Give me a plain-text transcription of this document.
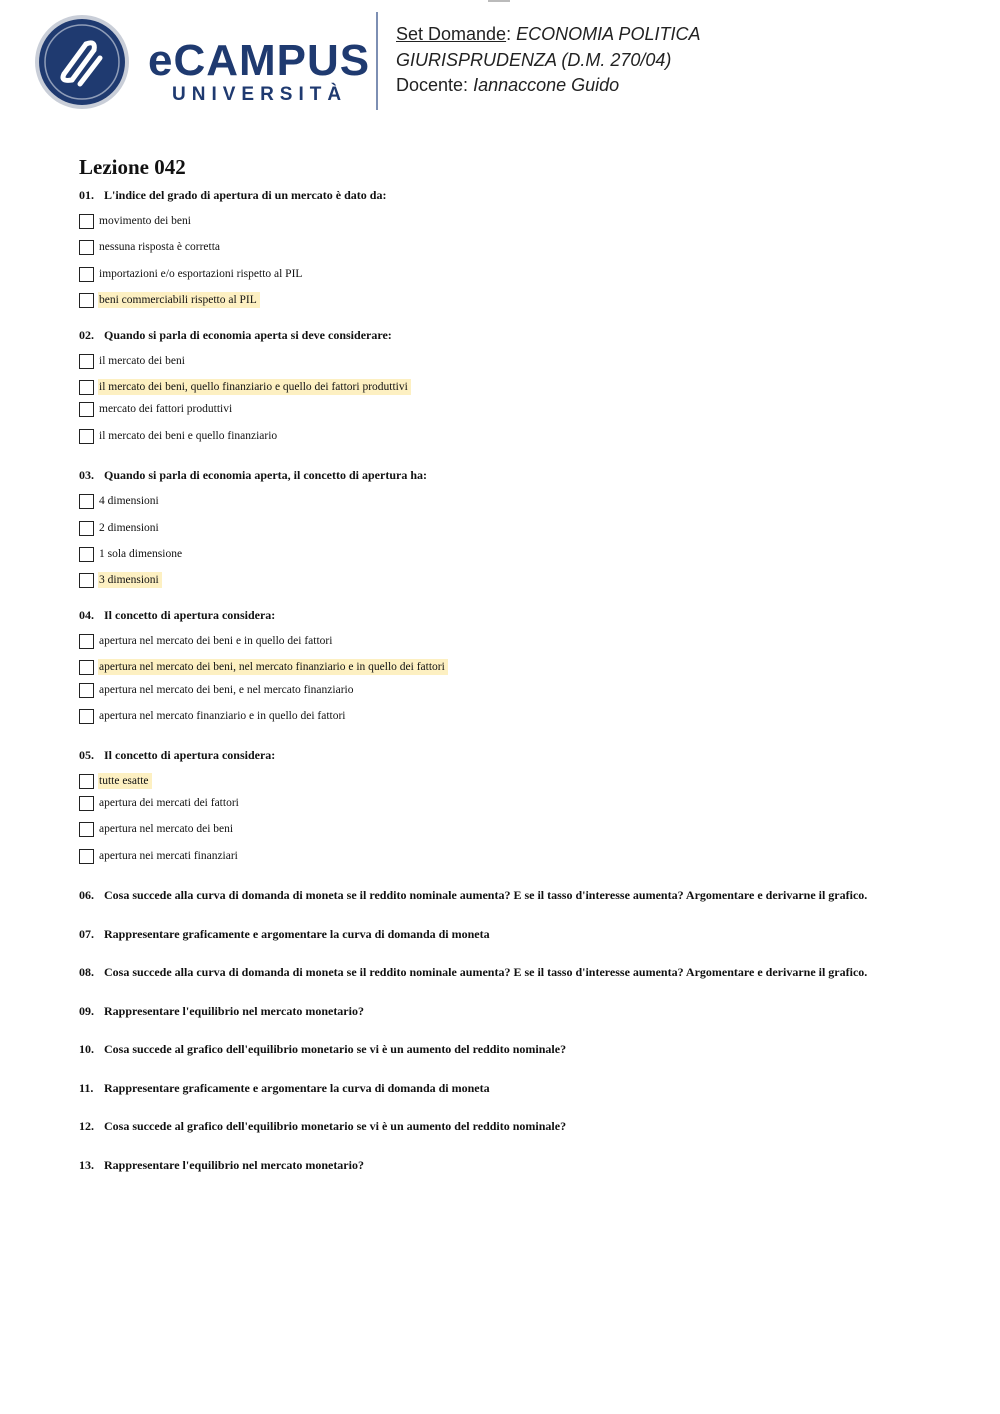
eCAMPUS
UNIVERSITÀ
Set Domande: ECONOMIA POLITICA
GIURISPRUDENZA (D.M. 270/04)
Docente: Iannaccone Guido
Lezione 042
01. L'indice del grado di apertura di un mercato è dato da:
movimento dei beni
nessuna risposta è corretta
importazioni e/o esportazioni rispetto al PIL
beni commerciabili rispetto al PIL
02. Quando si parla di economia aperta si deve considerare:
il mercato dei beni
il mercato dei beni, quello finanziario e quello dei fattori produttivi
mercato dei fattori produttivi
il mercato dei beni e quello finanziario
03. Quando si parla di economia aperta, il concetto di apertura ha:
4 dimensioni
2 dimensioni
1 sola dimensione
3 dimensioni
04. Il concetto di apertura considera:
apertura nel mercato dei beni e in quello dei fattori
apertura nel mercato dei beni, nel mercato finanziario e in quello dei fattori
apertura nel mercato dei beni, e nel mercato finanziario
apertura nel mercato finanziario e in quello dei fattori
05. Il concetto di apertura considera:
tutte esatte
apertura dei mercati dei fattori
apertura nel mercato dei beni
apertura nei mercati finanziari
06. Cosa succede alla curva di domanda di moneta se il reddito nominale aumenta? E se il tasso d'interesse aumenta? Argomentare e derivarne il grafico.
07. Rappresentare graficamente e argomentare la curva di domanda di moneta
08. Cosa succede alla curva di domanda di moneta se il reddito nominale aumenta? E se il tasso d'interesse aumenta? Argomentare e derivarne il grafico.
09. Rappresentare l'equilibrio nel mercato monetario?
10. Cosa succede al grafico dell'equilibrio monetario se vi è un aumento del reddito nominale?
11. Rappresentare graficamente e argomentare la curva di domanda di moneta
12. Cosa succede al grafico dell'equilibrio monetario se vi è un aumento del reddito nominale?
13. Rappresentare l'equilibrio nel mercato monetario?
